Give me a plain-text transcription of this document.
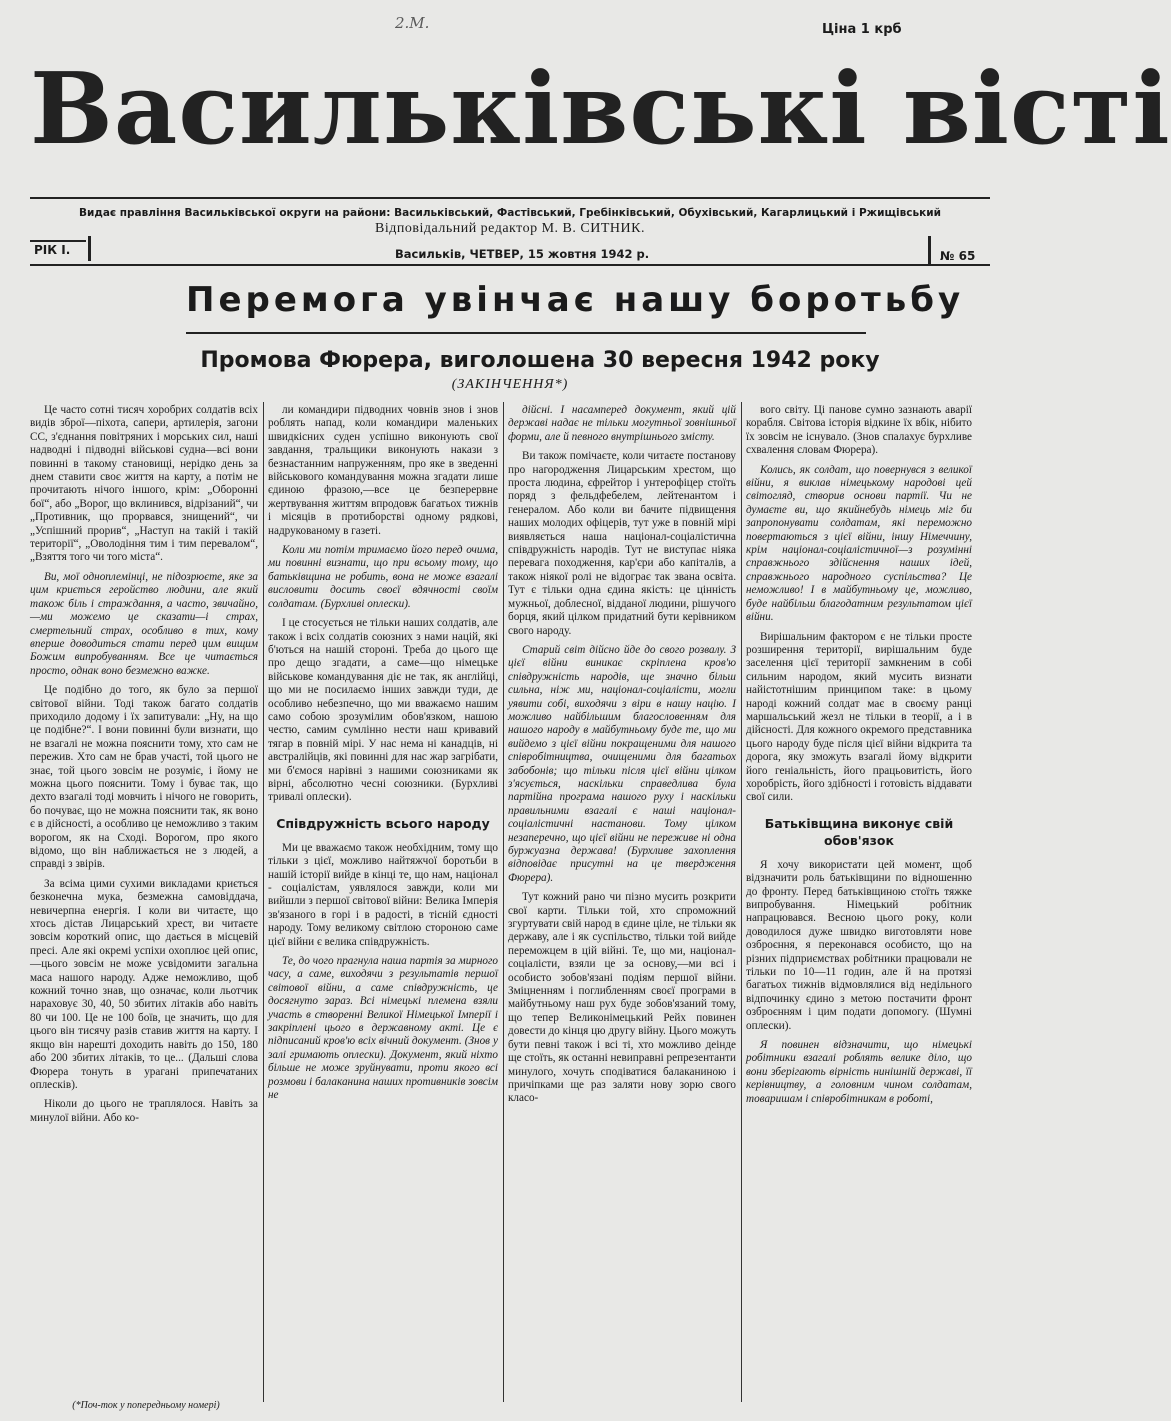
2.М.	Ціна 1 крб
Васильківські вісті
Видає правління Васильківської округи на райони: Васильківський, Фастівський, Гребінківський, Обухівський, Кагарлицький і Ржищівський
Відповідальний редактор М. В. СИТНИК.
РІК I.	Васильків, ЧЕТВЕР, 15 жовтня 1942 р.	№ 65
Перемога увінчає нашу боротьбу
Промова Фюрера, виголошена 30 вересня 1942 року
(ЗАКІНЧЕННЯ*)

Це часто сотні тисяч хоробрих солдатів всіх видів зброї—піхота, сапери, артилерія, загони СС, з'єднання повітряних і морських сил, наші надводні і підводні військові судна—всі вони повинні в такому становищі, нерідко день за днем ставити своє життя на карту, а потім не прочитають нічого іншого, крім: „Оборонні бої“, або „Ворог, що вклинився, відрізаний“, чи „Противник, що прорвався, знищений“, чи „Успішний прорив“, „Наступ на такій і такій території“, „Оволодіння тим і тим перевалом“, „Взяття того чи того міста“.

Ви, мої одноплемінці, не підозрюєте, яке за цим криється геройство людини, але який також біль і страждання, а часто, звичайно,—ми можемо це сказати—і страх, смертельний страх, особливо в тих, кому вперше доводиться стати перед цим вищим Божим випробуванням. Все це читається просто, однак воно безмежно важке.

Це подібно до того, як було за першої світової війни. Тоді також багато солдатів приходило додому і їх запитували: „Ну, на що це подібне?“. І вони повинні були визнати, що не взагалі не можна пояснити тому, хто сам не пережив. Хто сам не брав участі, той цього не знає, той цього зовсім не розуміє, і йому не можна цього пояснити. Тому і буває так, що дехто взагалі тоді мовчить і нічого не говорить, бо почуває, що не можна пояснити так, як воно є в дійсності, а особливо це неможливо з таким ворогом, як на Сході. Ворогом, про якого відомо, що він наближається не з людей, а справді з звірів.

За всіма цими сухими викладами криється безконечна мука, безмежна самовіддача, невичерпна енергія. І коли ви читаєте, що хтось дістав Лицарський хрест, ви читаєте зовсім короткий опис, що дається в місцевій пресі. Але які окремі успіхи охоплює цей опис,—цього зовсім не може усвідомити загальна маса нашого народу. Адже неможливо, щоб кожний точно знав, що означає, коли льотчик нараховує 30, 40, 50 збитих літаків або навіть 80 чи 100. Це не 100 боїв, це значить, що для цього він тисячу разів ставив життя на карту. І якщо він нарешті доходить навіть до 150, 180 або 200 збитих літаків, то це... (Дальші слова Фюрера тонуть в урагані припечатаних оплесків).

Ніколи до цього не траплялося. Навіть за минулої війни. Або ко-

ли командири підводних човнів знов і знов роблять напад, коли командири маленьких швидкісних суден успішно виконують свої завдання, тральщики виконують накази з безнастанним напруженням, про яке в зведенні військового командування можна згадати лише єдиною фразою,—все це безперервне жертвування життям впродовж багатьох тижнів і місяців в протиборстві одному рядкові, надрукованому в газеті.

Коли ми потім тримаємо його перед очима, ми повинні визнати, що при всьому тому, що батьківщина не робить, вона не може взагалі висловити досить своєї вдячності своїм солдатам. (Бурхливі оплески).

І це стосується не тільки наших солдатів, але також і всіх солдатів союзних з нами націй, які б'ються на нашій стороні. Треба до цього ще про дещо згадати, а саме—що німецьке військове командування діє не так, як англійці, що ми не посилаємо інших завжди туди, де особливо небезпечно, що ми вважаємо нашим само собою зрозумілим обов'язком, нашою честю, самим сумлінно нести наш кривавий тягар в повній мірі. У нас нема ні канадців, ні австралійців, які повинні для нас жар загрібати, ми б'ємося нарівні з нашими союзниками як вірні, абсолютно чесні союзники. (Бурхливі тривалі оплески).

Співдружність всього народу

Ми це вважаємо також необхідним, тому що тільки з цієї, можливо найтяжчої боротьби в нашій історії вийде в кінці те, що нам, націонал - соціалістам, уявлялося завжди, коли ми вийшли з першої світової війни: Велика Імперія зв'язаного в горі і в радості, в тісній єдності народу. Тому великому світлою стороною саме цієї війни є велика співдружність.

Те, до чого прагнула наша партія за мирного часу, а саме, виходячи з результатів першої світової війни, а саме співдружність, це досягнуто зараз. Всі німецькі племена взяли участь в створенні Великої Німецької Імперії і закріплені цього в державному акті. Це є підписаний кров'ю всіх вічний документ. (Знов у залі гримають оплески). Документ, який ніхто більше не може зруйнувати, проти якого всі розмови і балаканина наших противників зовсім не

дійсні. І насамперед документ, який цій державі надає не тільки могутньої зовнішньої форми, але й певного внутрішнього змісту.

Ви також помічаєте, коли читаєте постанову про нагородження Лицарським хрестом, що проста людина, єфрейтор і унтерофіцер стоїть поряд з фельдфебелем, лейтенантом і генералом. Або коли ви бачите підвищення наших молодих офіцерів, тут уже в повній мірі виявляється наша націонал-соціалістична співдружність народів. Тут не виступає ніяка перевага походження, кар'єри або капіталів, а також ніякої ролі не відограє так звана освіта. Тут є тільки одна єдина якість: це цінність мужньої, доблесної, відданої людини, рішучого борця, який цілком придатний бути керівником свого народу.

Старий світ дійсно йде до свого розвалу. З цієї війни виникає скріплена кров'ю співдружність народів, ще значно більш сильна, ніж ми, націонал-соціалісти, могли уявити собі, виходячи з віри в нашу націю. І можливо найбільшим благословенням для нашого народу в майбутньому буде те, що ми вийдемо з цієї війни покращеними для нашого співробітництва, очищеними для багатьох забобонів; що тільки після цієї війни цілком з'ясується, наскільки справедлива була партійна програма нашого руху і наскільки правильними взагалі є наші націонал-соціалістичні настанови. Тому цілком незаперечно, що цієї війни не переживе ні одна буржуазна держава! (Бурхливе захоплення відповідає присутні на це твердження Фюрера).

Тут кожний рано чи пізно мусить розкрити свої карти. Тільки той, хто спроможний згуртувати свій народ в єдине ціле, не тільки як державу, але і як суспільство, тільки той вийде переможцем в цій війні. Те, що ми, націонал-соціалісти, взяли це за основу,—ми всі і особисто зобов'язані подіям першої війни. Зміцненням і поглибленням своєї програми в майбутньому наш рух буде зобов'язаний тому, що тепер Великонімецький Рейх повинен довести до кінця цю другу війну. Цього можуть бути певні також і всі ті, хто можливо деінде ще стоїть, як останні невиправні репрезентанти минулого, хочуть сподіватися балаканиною і причіпками ще раз заляти нову зорю свого класо-

вого світу. Ці панове сумно зазнають аварії корабля. Світова історія відкине їх вбік, нібито їх зовсім не існувало. (Знов спалахує бурхливе схвалення словам Фюрера).

Колись, як солдат, що повернувся з великої війни, я виклав німецькому народові цей світогляд, створив основи партії. Чи не думаєте ви, що якийнебудь німець міг би запропонувати солдатам, які переможно повертаються з цієї війни, іншу Німеччину, крім націонал-соціалістичної—з розумінні справжнього здійснення наших ідей, справжнього народного суспільства? Це неможливо! І в майбутньому це, можливо, буде найбільш благодатним результатом цієї війни.

Вирішальним фактором є не тільки просте розширення території, вирішальним буде заселення цієї території замкненим в собі сильним народом, який мусить визнати найістотнішим принципом таке: в цьому народі кожний солдат має в своєму ранці маршальський жезл не тільки в теорії, а і в дійсності. Для кожного окремого представника цього народу буде після цієї війни відкрита та дорога, яку зможуть взагалі йому відкрити його геніальність, його працьовитість, його хоробрість, його здібності і готовість віддавати свої сили.

Батьківщина виконує свій обов'язок

Я хочу використати цей момент, щоб відзначити роль батьківщини по відношенню до фронту. Перед батьківщиною стоїть тяжке випробування. Німецький робітник напрацювався. Весною цього року, коли доводилося дуже швидко виготовляти нове озброєння, я переконався особисто, що на різних підприємствах робітники працювали не тільки по 10—11 годин, але й на протязі багатьох тижнів відмовлялися від недільного відпочинку єдино з метою постачити фронт озброєнням і цим подати допомогу. (Шумні оплески).

Я повинен відзначити, що німецькі робітники взагалі роблять велике діло, що вони зберігають вірність нинішній державі, її керівництву, а головним чином солдатам, товаришам і співробітникам в роботі,

(*Поч-ток у попередньому номері)
